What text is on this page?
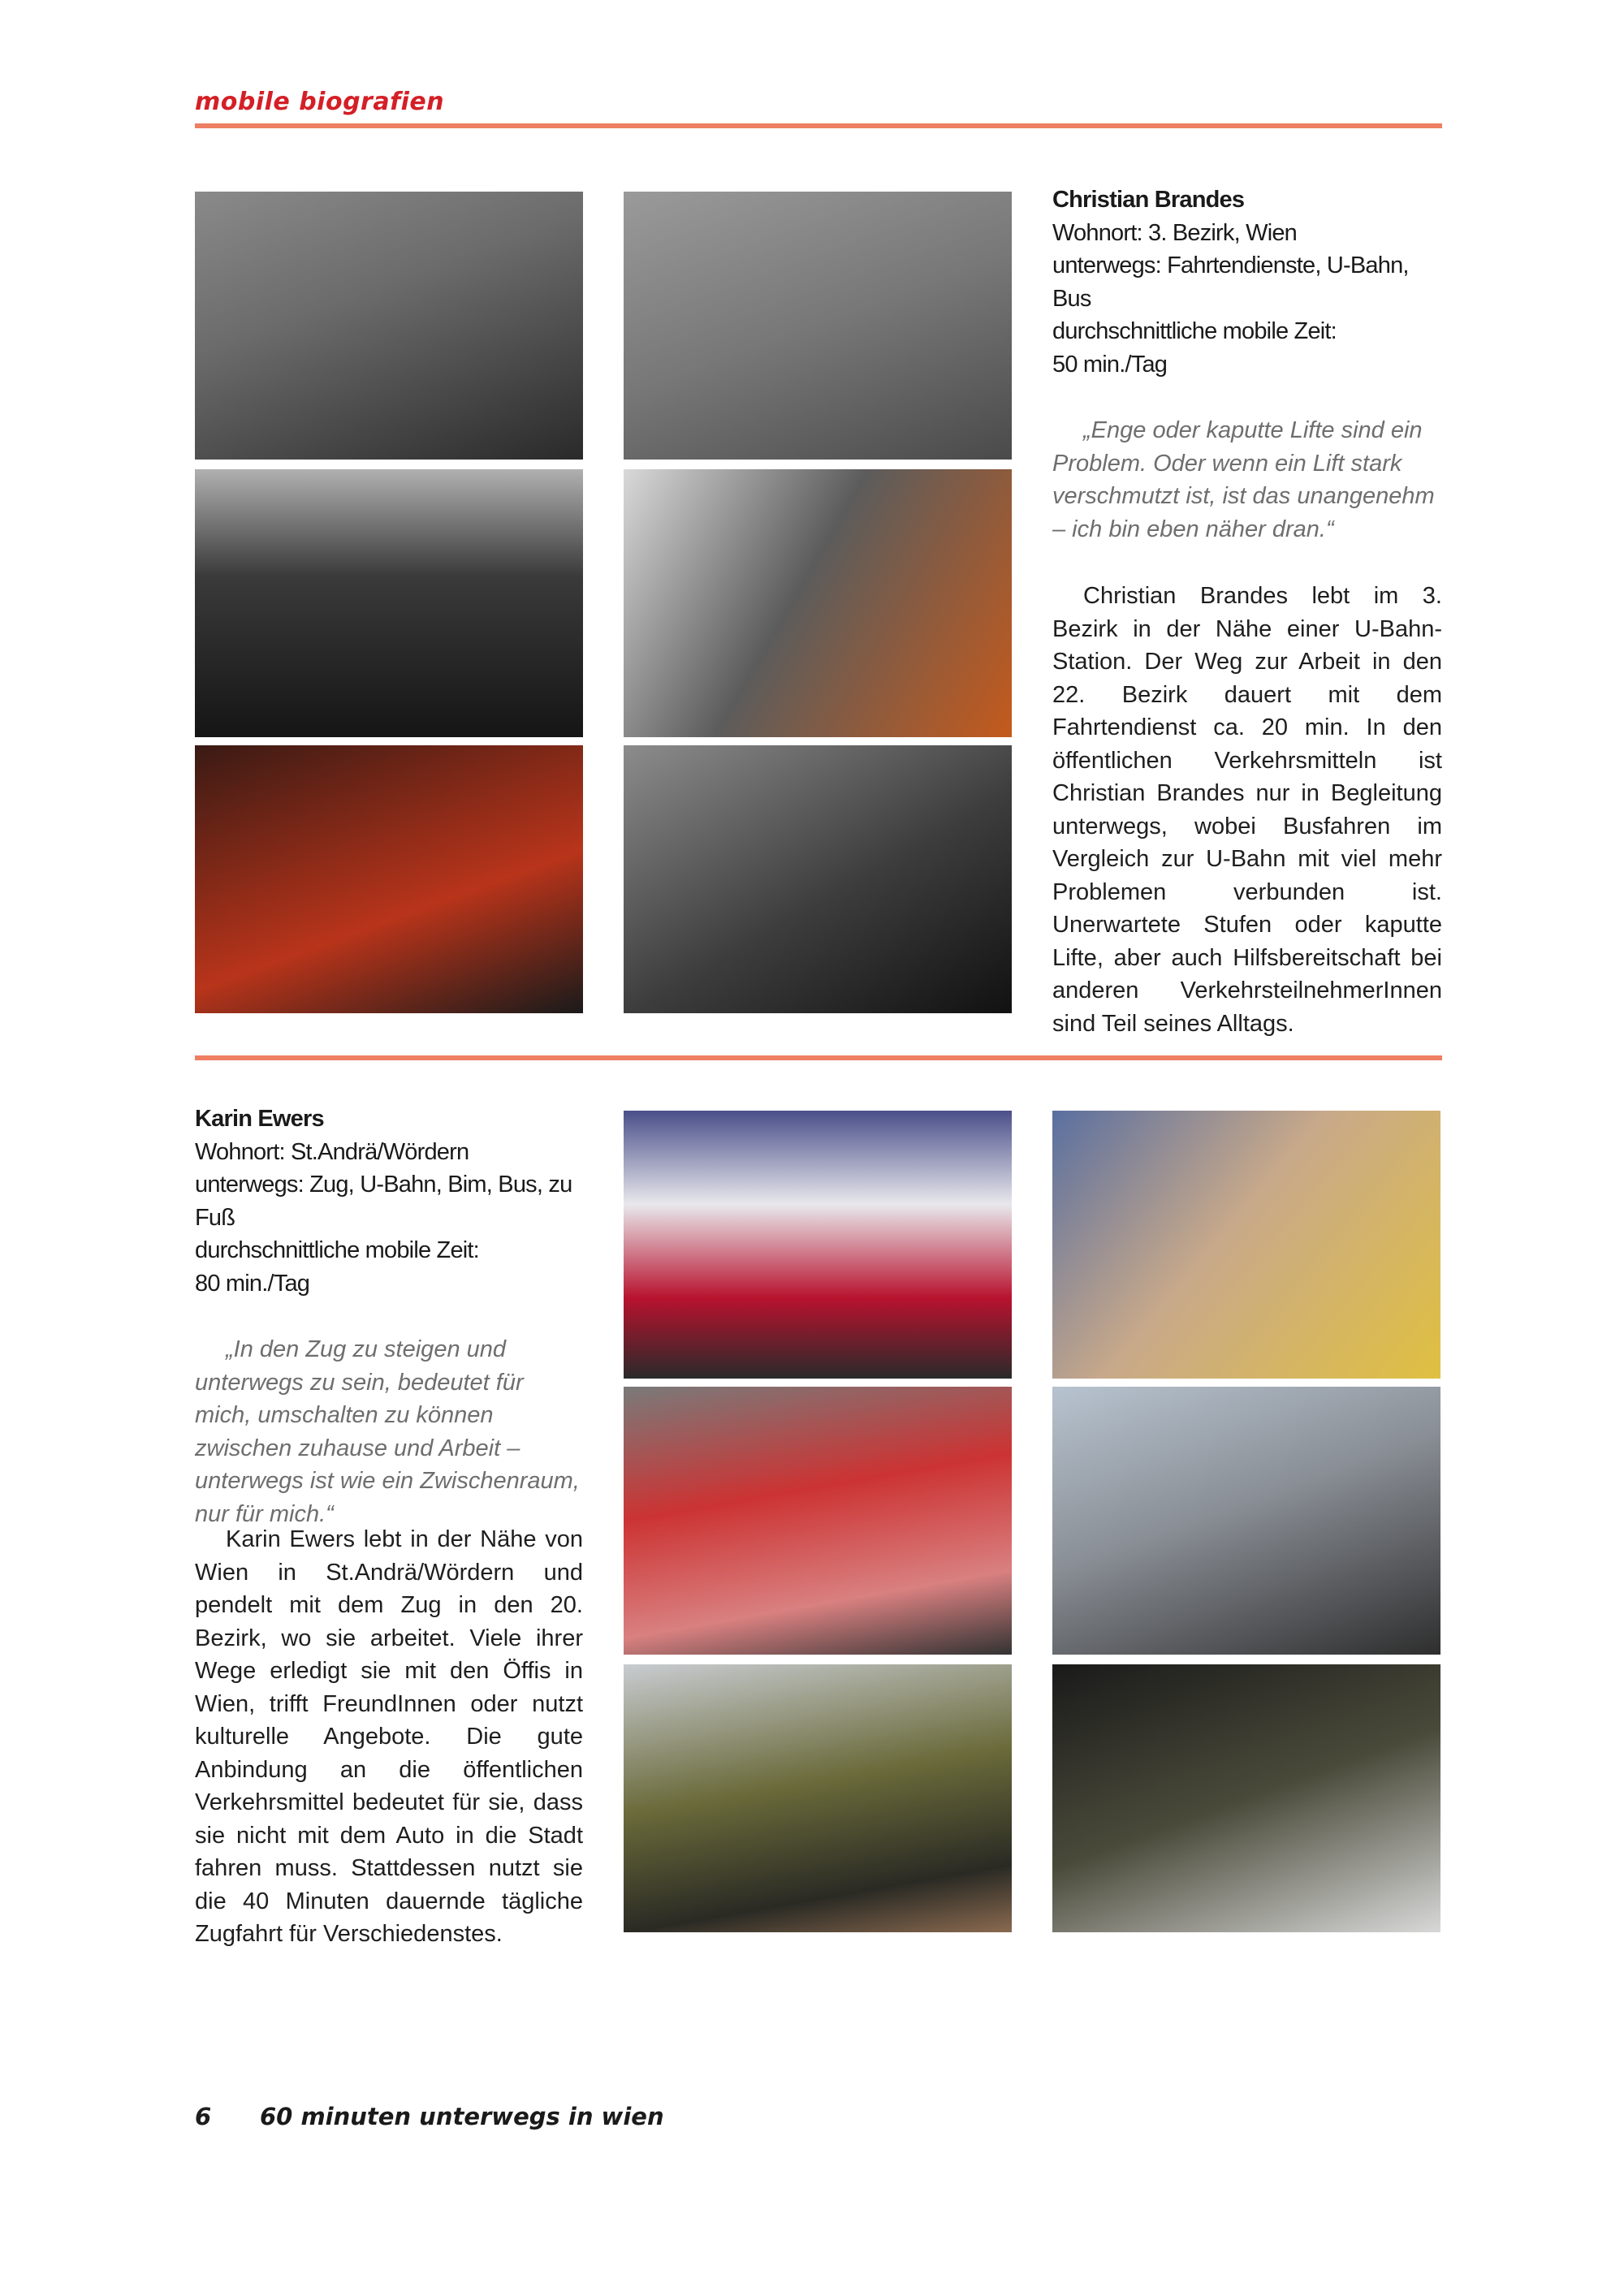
mobile biografien
Christian Brandes
Wohnort: 3. Bezirk, Wien
unterwegs: Fahrtendienste, U-Bahn,
Bus
durchschnittliche mobile Zeit:
50 min./Tag

„Enge oder kaputte Lifte sind ein Problem. Oder wenn ein Lift stark verschmutzt ist, ist das unangenehm – ich bin eben näher dran.“

Christian Brandes lebt im 3. Bezirk in der Nähe einer U-Bahn-Station. Der Weg zur Arbeit in den 22. Bezirk dauert mit dem Fahrtendienst ca. 20 min. In den öffentlichen Verkehrsmitteln ist Christian Brandes nur in Begleitung unterwegs, wobei Busfahren im Vergleich zur U-Bahn mit viel mehr Problemen verbunden ist. Unerwartete Stufen oder kaputte Lifte, aber auch Hilfsbereitschaft bei anderen VerkehrsteilnehmerInnen sind Teil seines Alltags.

Karin Ewers
Wohnort: St.Andrä/Wördern
unterwegs: Zug, U-Bahn, Bim, Bus, zu
Fuß
durchschnittliche mobile Zeit:
80 min./Tag

„In den Zug zu steigen und unterwegs zu sein, bedeutet für mich, umschalten zu können zwischen zuhause und Arbeit – unterwegs ist wie ein Zwischenraum, nur für mich.“

Karin Ewers lebt in der Nähe von Wien in St.Andrä/Wördern und pendelt mit dem Zug in den 20. Bezirk, wo sie arbeitet. Viele ihrer Wege erledigt sie mit den Öffis in Wien, trifft FreundInnen oder nutzt kulturelle Angebote. Die gute Anbindung an die öffentlichen Verkehrsmittel bedeutet für sie, dass sie nicht mit dem Auto in die Stadt fahren muss. Stattdessen nutzt sie die 40 Minuten dauernde tägliche Zugfahrt für Verschiedenstes.

6 60 minuten unterwegs in wien
